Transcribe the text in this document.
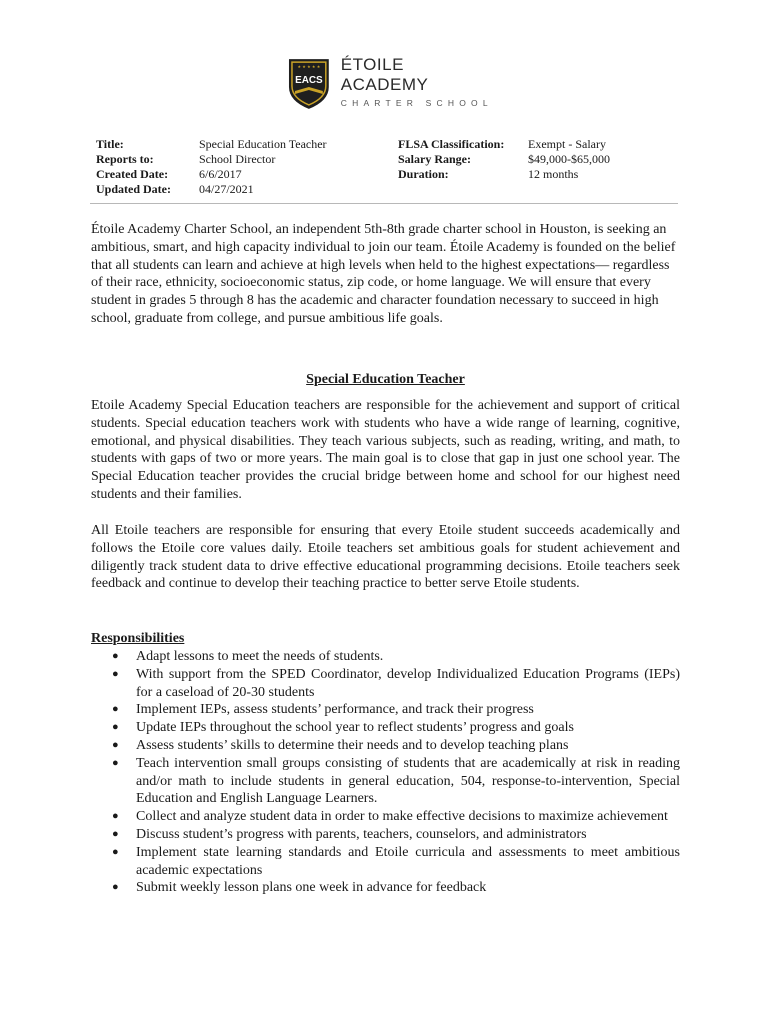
★ ★ ★ ★ ★
EACS
ÉTOILE ACADEMY
CHARTER SCHOOL
Title:
Reports to:
Created Date:
Updated Date:
Special Education Teacher
School Director
6/6/2017
04/27/2021
FLSA Classification:
Salary Range:
Duration:
Exempt - Salary
$49,000-$65,000
12 months

Étoile Academy Charter School, an independent 5th-8th grade charter school in Houston, is seeking an ambitious, smart, and high capacity individual to join our team. Étoile Academy is founded on the belief that all students can learn and achieve at high levels when held to the highest expectations— regardless of their race, ethnicity, socioeconomic status, zip code, or home language. We will ensure that every student in grades 5 through 8 has the academic and character foundation necessary to succeed in high school, graduate from college, and pursue ambitious life goals.

Special Education Teacher

Etoile Academy Special Education teachers are responsible for the achievement and support of critical students. Special education teachers work with students who have a wide range of learning, cognitive, emotional, and physical disabilities. They teach various subjects, such as reading, writing, and math, to students with gaps of two or more years. The main goal is to close that gap in just one school year. The Special Education teacher provides the crucial bridge between home and school for our highest need students and their families.

All Etoile teachers are responsible for ensuring that every Etoile student succeeds academically and follows the Etoile core values daily. Etoile teachers set ambitious goals for student achievement and diligently track student data to drive effective educational programming decisions. Etoile teachers seek feedback and continue to develop their teaching practice to better serve Etoile students.

Responsibilities
● Adapt lessons to meet the needs of students.
● With support from the SPED Coordinator, develop Individualized Education Programs (IEPs) for a caseload of 20-30 students
● Implement IEPs, assess students’ performance, and track their progress
● Update IEPs throughout the school year to reflect students’ progress and goals
● Assess students’ skills to determine their needs and to develop teaching plans
● Teach intervention small groups consisting of students that are academically at risk in reading and/or math to include students in general education, 504, response-to-intervention, Special Education and English Language Learners.
● Collect and analyze student data in order to make effective decisions to maximize achievement
● Discuss student’s progress with parents, teachers, counselors, and administrators
● Implement state learning standards and Etoile curricula and assessments to meet ambitious academic expectations
● Submit weekly lesson plans one week in advance for feedback
